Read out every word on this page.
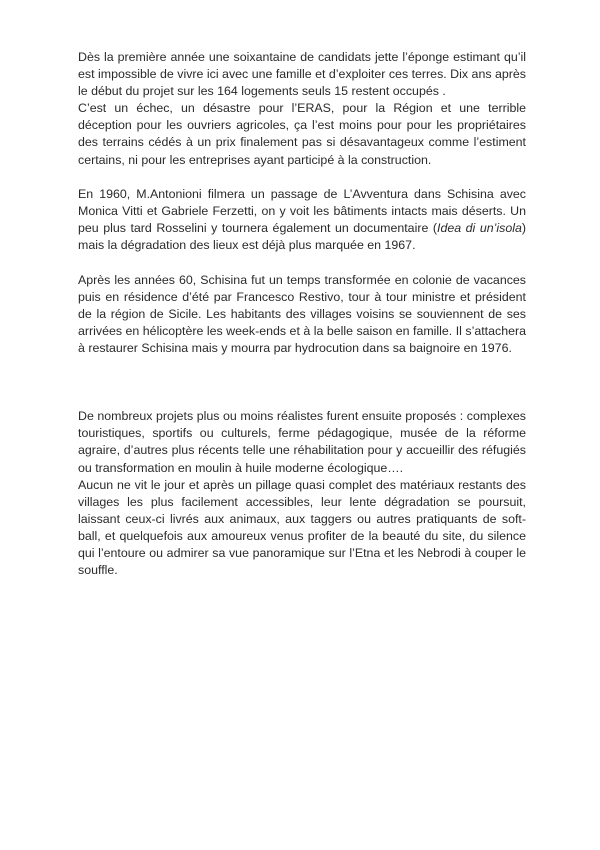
Dès la première année une soixantaine de candidats jette l’éponge estimant qu’il est impossible de vivre ici avec une famille et d’exploiter ces terres. Dix ans après le début du projet sur les 164 logements seuls 15 restent occupés .

C’est un échec, un désastre pour l’ERAS, pour la Région et une terrible déception pour les ouvriers agricoles, ça l’est moins pour pour les propriétaires des terrains cédés à un prix finalement pas si désavantageux comme l’estiment certains, ni pour les entreprises ayant participé à la construction.

En 1960, M.Antonioni filmera un passage de L’Avventura dans Schisina avec Monica Vitti et Gabriele Ferzetti, on y voit les bâtiments intacts mais déserts. Un peu plus tard Rosselini y tournera également un documentaire (Idea di un’isola) mais la dégradation des lieux est déjà plus marquée en 1967.

Après les années 60, Schisina fut un temps transformée en colonie de vacances puis en résidence d’été par Francesco Restivo, tour à tour ministre et président de la région de Sicile. Les habitants des villages voisins se souviennent de ses arrivées en hélicoptère les week-ends et à la belle saison en famille. Il s’attachera à restaurer Schisina mais y mourra par hydrocution dans sa baignoire en 1976.

De nombreux projets plus ou moins réalistes furent ensuite proposés : complexes touristiques, sportifs ou culturels, ferme pédagogique, musée de la réforme agraire, d’autres plus récents telle une réhabilitation pour y accueillir des réfugiés ou transformation en moulin à huile moderne écologique….

Aucun ne vit le jour et après un pillage quasi complet des matériaux restants des villages les plus facilement accessibles, leur lente dégradation se poursuit, laissant ceux-ci livrés aux animaux, aux taggers ou autres pratiquants de soft-ball, et quelquefois aux amoureux venus profiter de la beauté du site, du silence qui l’entoure ou admirer sa vue panoramique sur l’Etna et les Nebrodi à couper le souffle.
